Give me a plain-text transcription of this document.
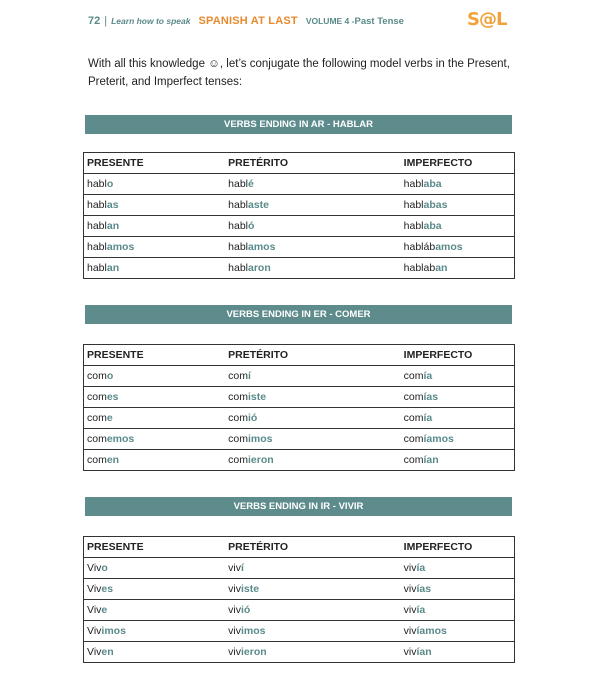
72 | Learn how to speak SPANISH AT LAST VOLUME 4 - Past Tense	S@L

With all this knowledge ☺, let’s conjugate the following model verbs in the Present, Preterit, and Imperfect tenses:

VERBS ENDING IN AR - HABLAR
PRESENTE	PRETÉRITO	IMPERFECTO
hablo	hablé	hablaba
hablas	hablaste	hablabas
hablan	habló	hablaba
hablamos	hablamos	hablábamos
hablan	hablaron	hablaban
VERBS ENDING IN ER - COMER
PRESENTE	PRETÉRITO	IMPERFECTO
como	comí	comía
comes	comiste	comías
come	comió	comía
comemos	comimos	comíamos
comen	comieron	comían
VERBS ENDING IN IR - VIVIR
PRESENTE	PRETÉRITO	IMPERFECTO
Vivo	viví	vivía
Vives	viviste	vivías
Vive	vivió	vivía
Vivimos	vivimos	vivíamos
Viven	vivieron	vivían
